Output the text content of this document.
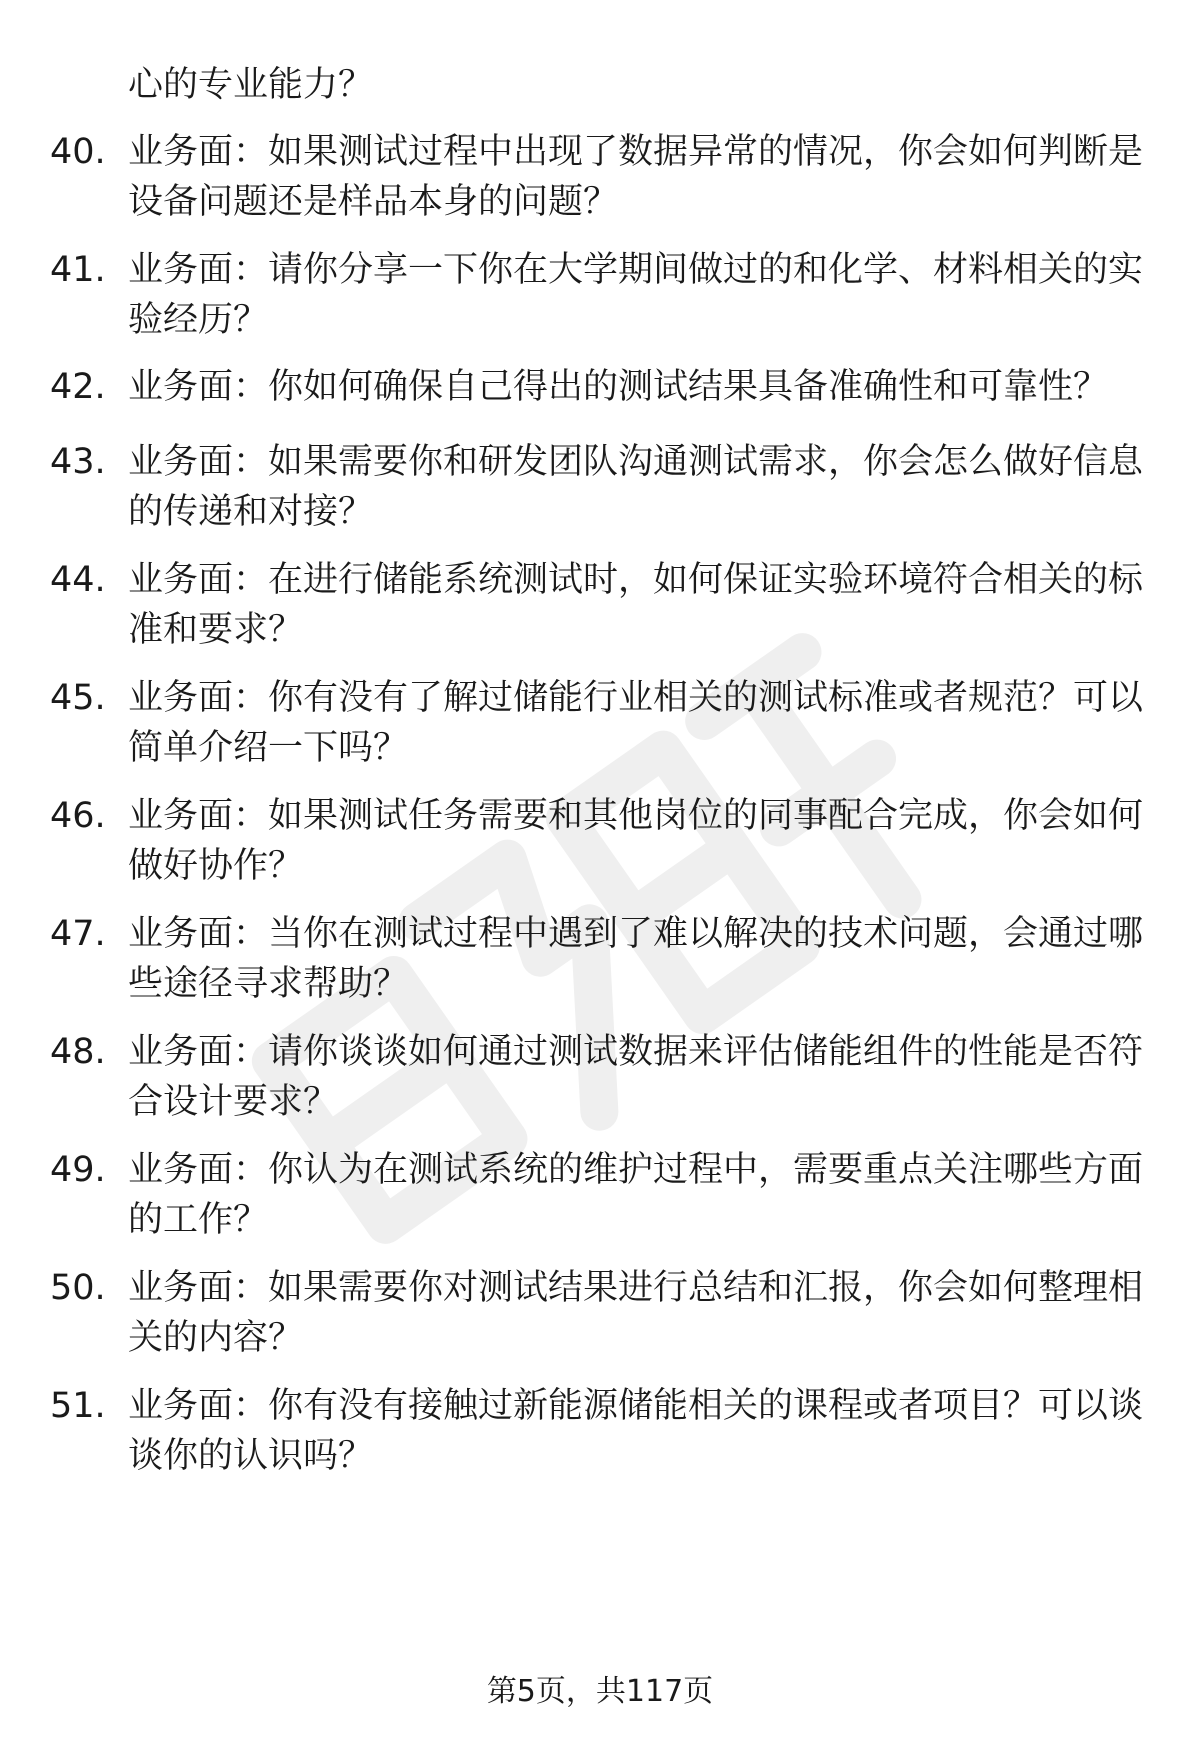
心的专业能力？
40. 业务面：如果测试过程中出现了数据异常的情况，你会如何判断是设备问题还是样品本身的问题？
41. 业务面：请你分享一下你在大学期间做过的和化学、材料相关的实验经历？
42. 业务面：你如何确保自己得出的测试结果具备准确性和可靠性？
43. 业务面：如果需要你和研发团队沟通测试需求，你会怎么做好信息的传递和对接？
44. 业务面：在进行储能系统测试时，如何保证实验环境符合相关的标准和要求？
45. 业务面：你有没有了解过储能行业相关的测试标准或者规范？可以简单介绍一下吗？
46. 业务面：如果测试任务需要和其他岗位的同事配合完成，你会如何做好协作？
47. 业务面：当你在测试过程中遇到了难以解决的技术问题，会通过哪些途径寻求帮助？
48. 业务面：请你谈谈如何通过测试数据来评估储能组件的性能是否符合设计要求？
49. 业务面：你认为在测试系统的维护过程中，需要重点关注哪些方面的工作？
50. 业务面：如果需要你对测试结果进行总结和汇报，你会如何整理相关的内容？
51. 业务面：你有没有接触过新能源储能相关的课程或者项目？可以谈谈你的认识吗？
第5页，共117页
